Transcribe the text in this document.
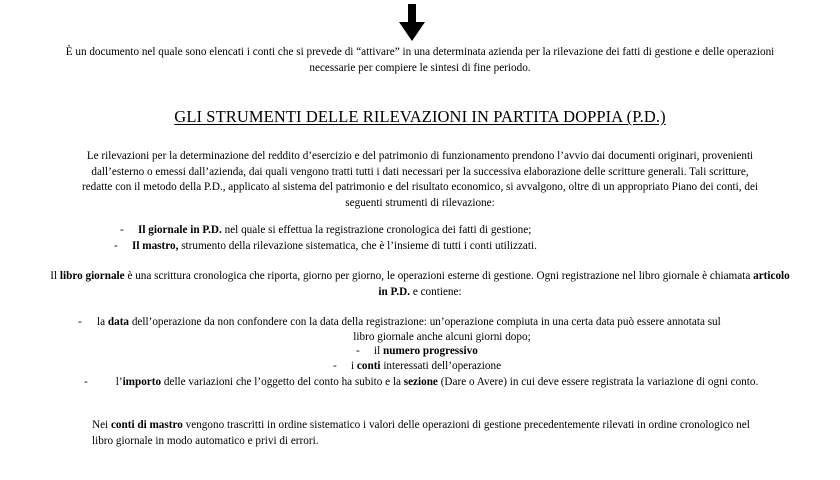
È un documento nel quale sono elencati i conti che si prevede di “attivare” in una determinata azienda per la rilevazione dei fatti di gestione e delle operazioni necessarie per compiere le sintesi di fine periodo.
GLI STRUMENTI DELLE RILEVAZIONI IN PARTITA DOPPIA (P.D.)
Le rilevazioni per la determinazione del reddito d’esercizio e del patrimonio di funzionamento prendono l’avvio dai documenti originari, provenienti dall’esterno o emessi dall’azienda, dai quali vengono tratti tutti i dati necessari per la successiva elaborazione delle scritture generali. Tali scritture, redatte con il metodo della P.D., applicato al sistema del patrimonio e del risultato economico, si avvalgono, oltre di un appropriato Piano dei conti, dei seguenti strumenti di rilevazione:
- Il giornale in P.D. nel quale si effettua la registrazione cronologica dei fatti di gestione;
- Il mastro, strumento della rilevazione sistematica, che è l’insieme di tutti i conti utilizzati.
Il libro giornale è una scrittura cronologica che riporta, giorno per giorno, le operazioni esterne di gestione. Ogni registrazione nel libro giornale è chiamata articolo in P.D. e contiene:
- la data dell’operazione da non confondere con la data della registrazione: un’operazione compiuta in una certa data può essere annotata sul
libro giornale anche alcuni giorni dopo;
- il numero progressivo
- i conti interessati dell’operazione
-	l’importo delle variazioni che l’oggetto del conto ha subito e la sezione (Dare o Avere) in cui deve essere registrata la variazione di ogni conto.
Nei conti di mastro vengono trascritti in ordine sistematico i valori delle operazioni di gestione precedentemente rilevati in ordine cronologico nel libro giornale in modo automatico e privi di errori.
